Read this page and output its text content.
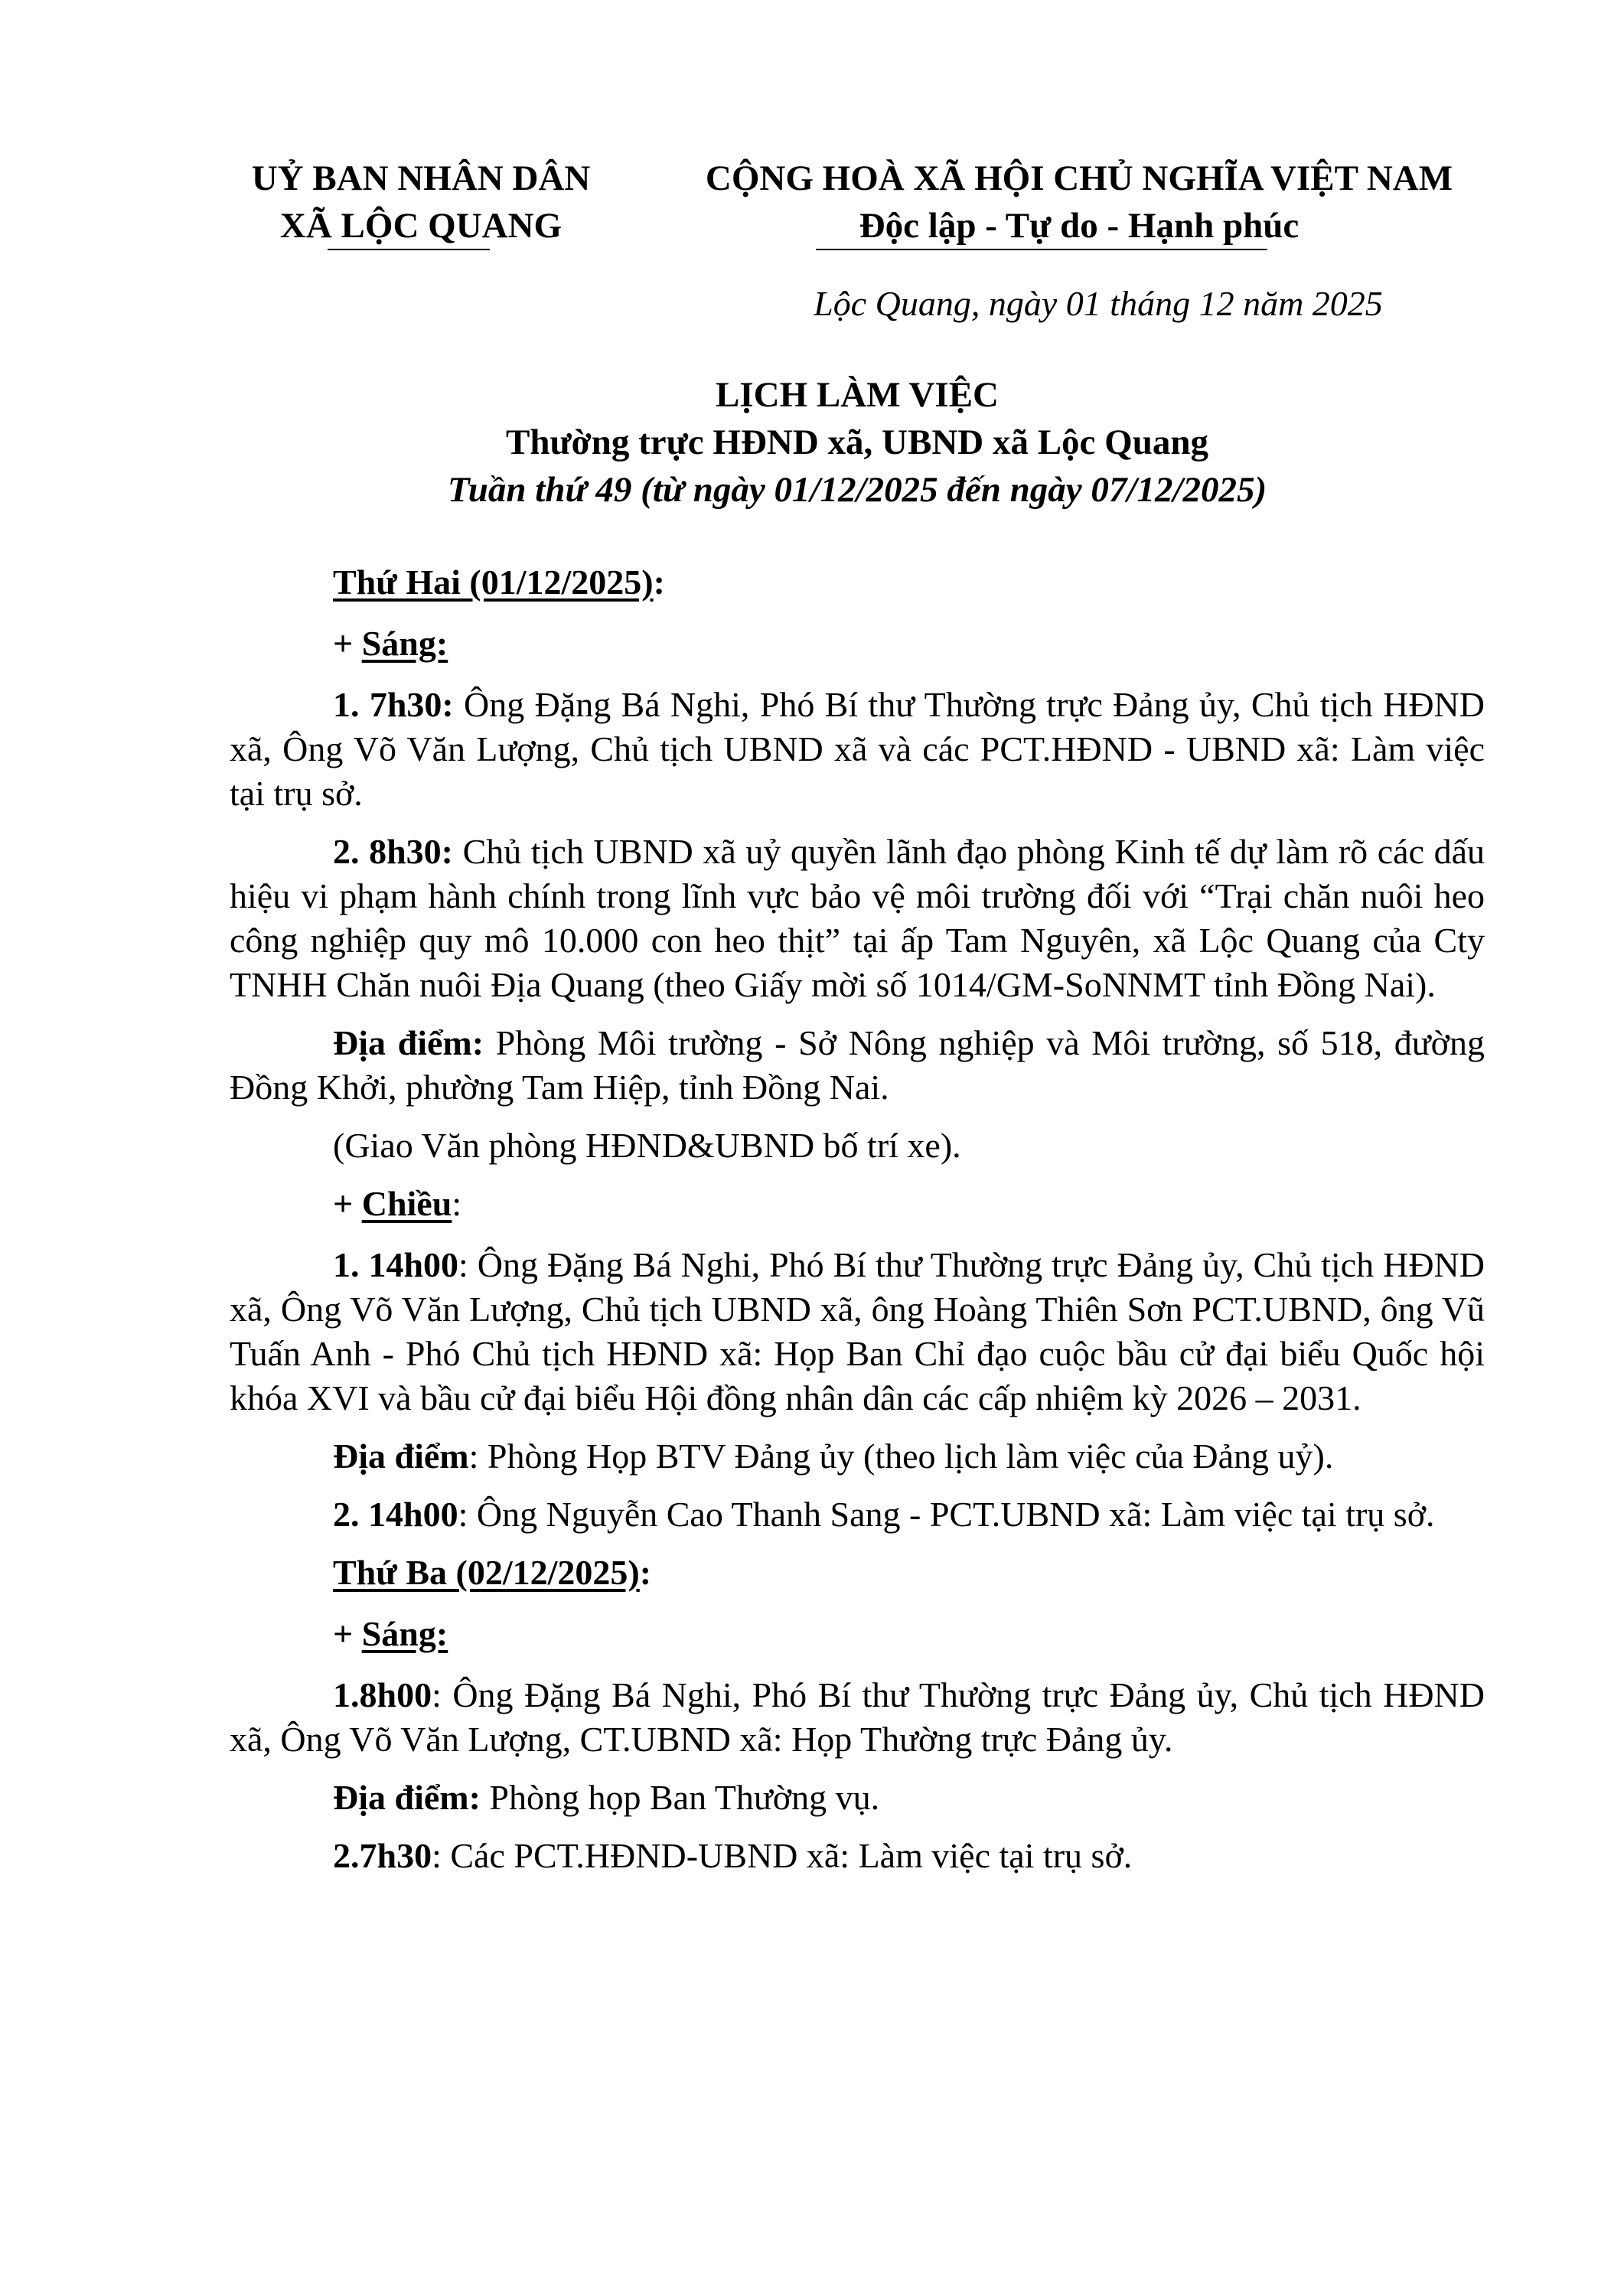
UỶ BAN NHÂN DÂN
XÃ LỘC QUANG
CỘNG HOÀ XÃ HỘI CHỦ NGHĨA VIỆT NAM
Độc lập - Tự do - Hạnh phúc
Lộc Quang, ngày 01 tháng 12 năm 2025
LỊCH LÀM VIỆC
Thường trực HĐND xã, UBND xã Lộc Quang
Tuần thứ 49 (từ ngày 01/12/2025 đến ngày 07/12/2025)

Thứ Hai (01/12/2025):

+ Sáng:

1. 7h30: Ông Đặng Bá Nghi, Phó Bí thư Thường trực Đảng ủy, Chủ tịch HĐND xã, Ông Võ Văn Lượng, Chủ tịch UBND xã và các PCT.HĐND - UBND xã: Làm việc tại trụ sở.

2. 8h30: Chủ tịch UBND xã uỷ quyền lãnh đạo phòng Kinh tế dự làm rõ các dấu hiệu vi phạm hành chính trong lĩnh vực bảo vệ môi trường đối với “Trại chăn nuôi heo công nghiệp quy mô 10.000 con heo thịt” tại ấp Tam Nguyên, xã Lộc Quang của Cty TNHH Chăn nuôi Địa Quang (theo Giấy mời số 1014/GM-SoNNMT tỉnh Đồng Nai).

Địa điểm: Phòng Môi trường - Sở Nông nghiệp và Môi trường, số 518, đường Đồng Khởi, phường Tam Hiệp, tỉnh Đồng Nai.

(Giao Văn phòng HĐND&UBND bố trí xe).

+ Chiều:

1. 14h00: Ông Đặng Bá Nghi, Phó Bí thư Thường trực Đảng ủy, Chủ tịch HĐND xã, Ông Võ Văn Lượng, Chủ tịch UBND xã, ông Hoàng Thiên Sơn PCT.UBND, ông Vũ Tuấn Anh - Phó Chủ tịch HĐND xã: Họp Ban Chỉ đạo cuộc bầu cử đại biểu Quốc hội khóa XVI và bầu cử đại biểu Hội đồng nhân dân các cấp nhiệm kỳ 2026 – 2031.

Địa điểm: Phòng Họp BTV Đảng ủy (theo lịch làm việc của Đảng uỷ).

2. 14h00: Ông Nguyễn Cao Thanh Sang - PCT.UBND xã: Làm việc tại trụ sở.

Thứ Ba (02/12/2025):

+ Sáng:

1.8h00: Ông Đặng Bá Nghi, Phó Bí thư Thường trực Đảng ủy, Chủ tịch HĐND xã, Ông Võ Văn Lượng, CT.UBND xã: Họp Thường trực Đảng ủy.

Địa điểm: Phòng họp Ban Thường vụ.

2.7h30: Các PCT.HĐND-UBND xã: Làm việc tại trụ sở.
